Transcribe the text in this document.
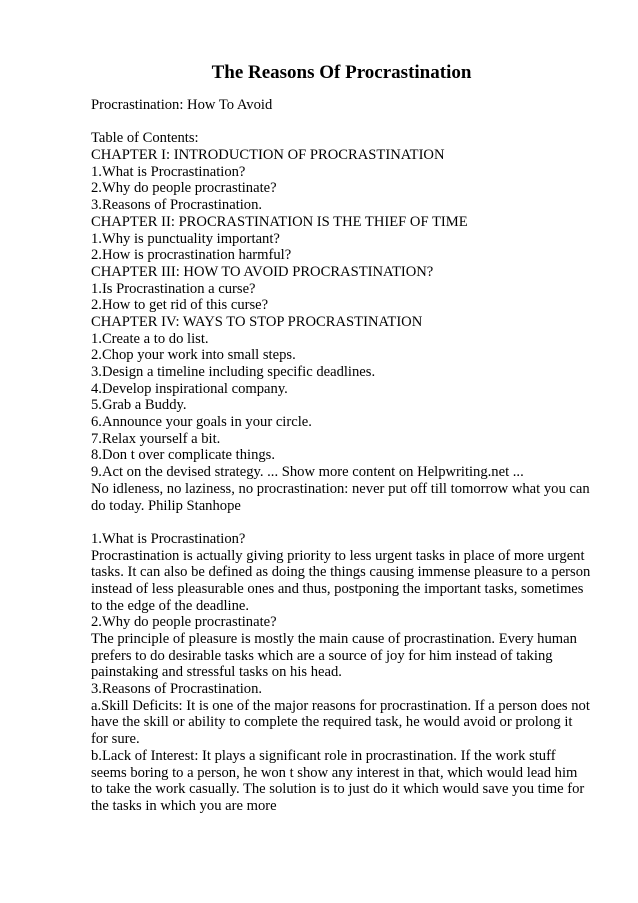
The Reasons Of Procrastination
Procrastination: How To Avoid
Table of Contents:
CHAPTER I: INTRODUCTION OF PROCRASTINATION
1.What is Procrastination?
2.Why do people procrastinate?
3.Reasons of Procrastination.
CHAPTER II: PROCRASTINATION IS THE THIEF OF TIME
1.Why is punctuality important?
2.How is procrastination harmful?
CHAPTER III: HOW TO AVOID PROCRASTINATION?
1.Is Procrastination a curse?
2.How to get rid of this curse?
CHAPTER IV: WAYS TO STOP PROCRASTINATION
1.Create a to do list.
2.Chop your work into small steps.
3.Design a timeline including specific deadlines.
4.Develop inspirational company.
5.Grab a Buddy.
6.Announce your goals in your circle.
7.Relax yourself a bit.
8.Don t over complicate things.
9.Act on the devised strategy. ... Show more content on Helpwriting.net ...
No idleness, no laziness, no procrastination: never put off till tomorrow what you can
do today. Philip Stanhope
1.What is Procrastination?
Procrastination is actually giving priority to less urgent tasks in place of more urgent
tasks. It can also be defined as doing the things causing immense pleasure to a person
instead of less pleasurable ones and thus, postponing the important tasks, sometimes
to the edge of the deadline.
2.Why do people procrastinate?
The principle of pleasure is mostly the main cause of procrastination. Every human
prefers to do desirable tasks which are a source of joy for him instead of taking
painstaking and stressful tasks on his head.
3.Reasons of Procrastination.
a.Skill Deficits: It is one of the major reasons for procrastination. If a person does not
have the skill or ability to complete the required task, he would avoid or prolong it
for sure.
b.Lack of Interest: It plays a significant role in procrastination. If the work stuff
seems boring to a person, he won t show any interest in that, which would lead him
to take the work casually. The solution is to just do it which would save you time for
the tasks in which you are more
